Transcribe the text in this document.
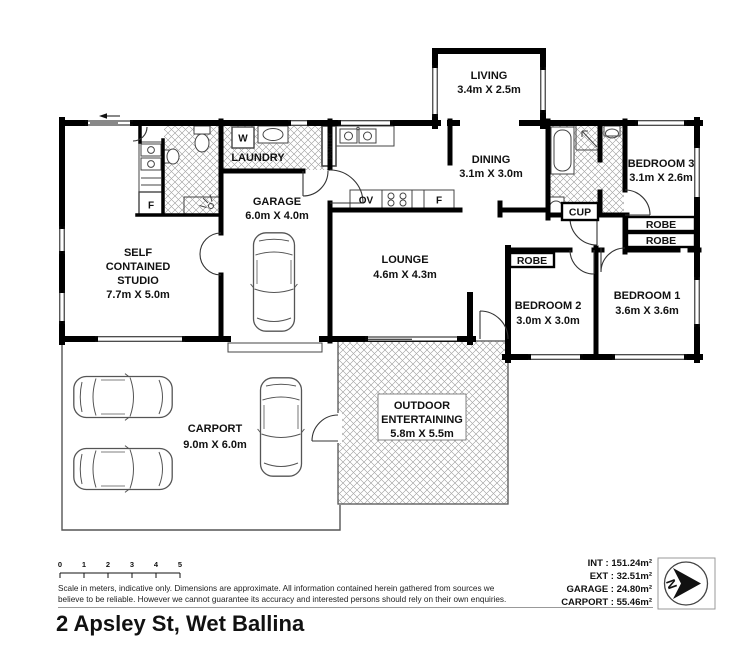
LIVING
3.4m X 2.5m
DINING
3.1m X 3.0m
BEDROOM 3
3.1m X 2.6m
LOUNGE
4.6m X 4.3m
GARAGE
6.0m X 4.0m
LAUNDRY
SELF
CONTAINED
STUDIO
7.7m X 5.0m
BEDROOM 2
3.0m X 3.0m
BEDROOM 1
3.6m X 3.6m
CARPORT
9.0m X 6.0m
OUTDOOR
ENTERTAINING
5.8m X 5.5m
W
F	OV	F
PANTRY
CUP
ROBE
ROBE
ROBE
0	1	2	3	4	5
Scale in meters, indicative only. Dimensions are approximate. All information contained herein gathered from sources we
believe to be reliable. However we cannot guarantee its accuracy and interested persons should rely on their own enquiries.
2 Apsley St, Wet Ballina
INT : 151.24m²
EXT : 32.51m²
GARAGE : 24.80m²
CARPORT : 55.46m²
N
